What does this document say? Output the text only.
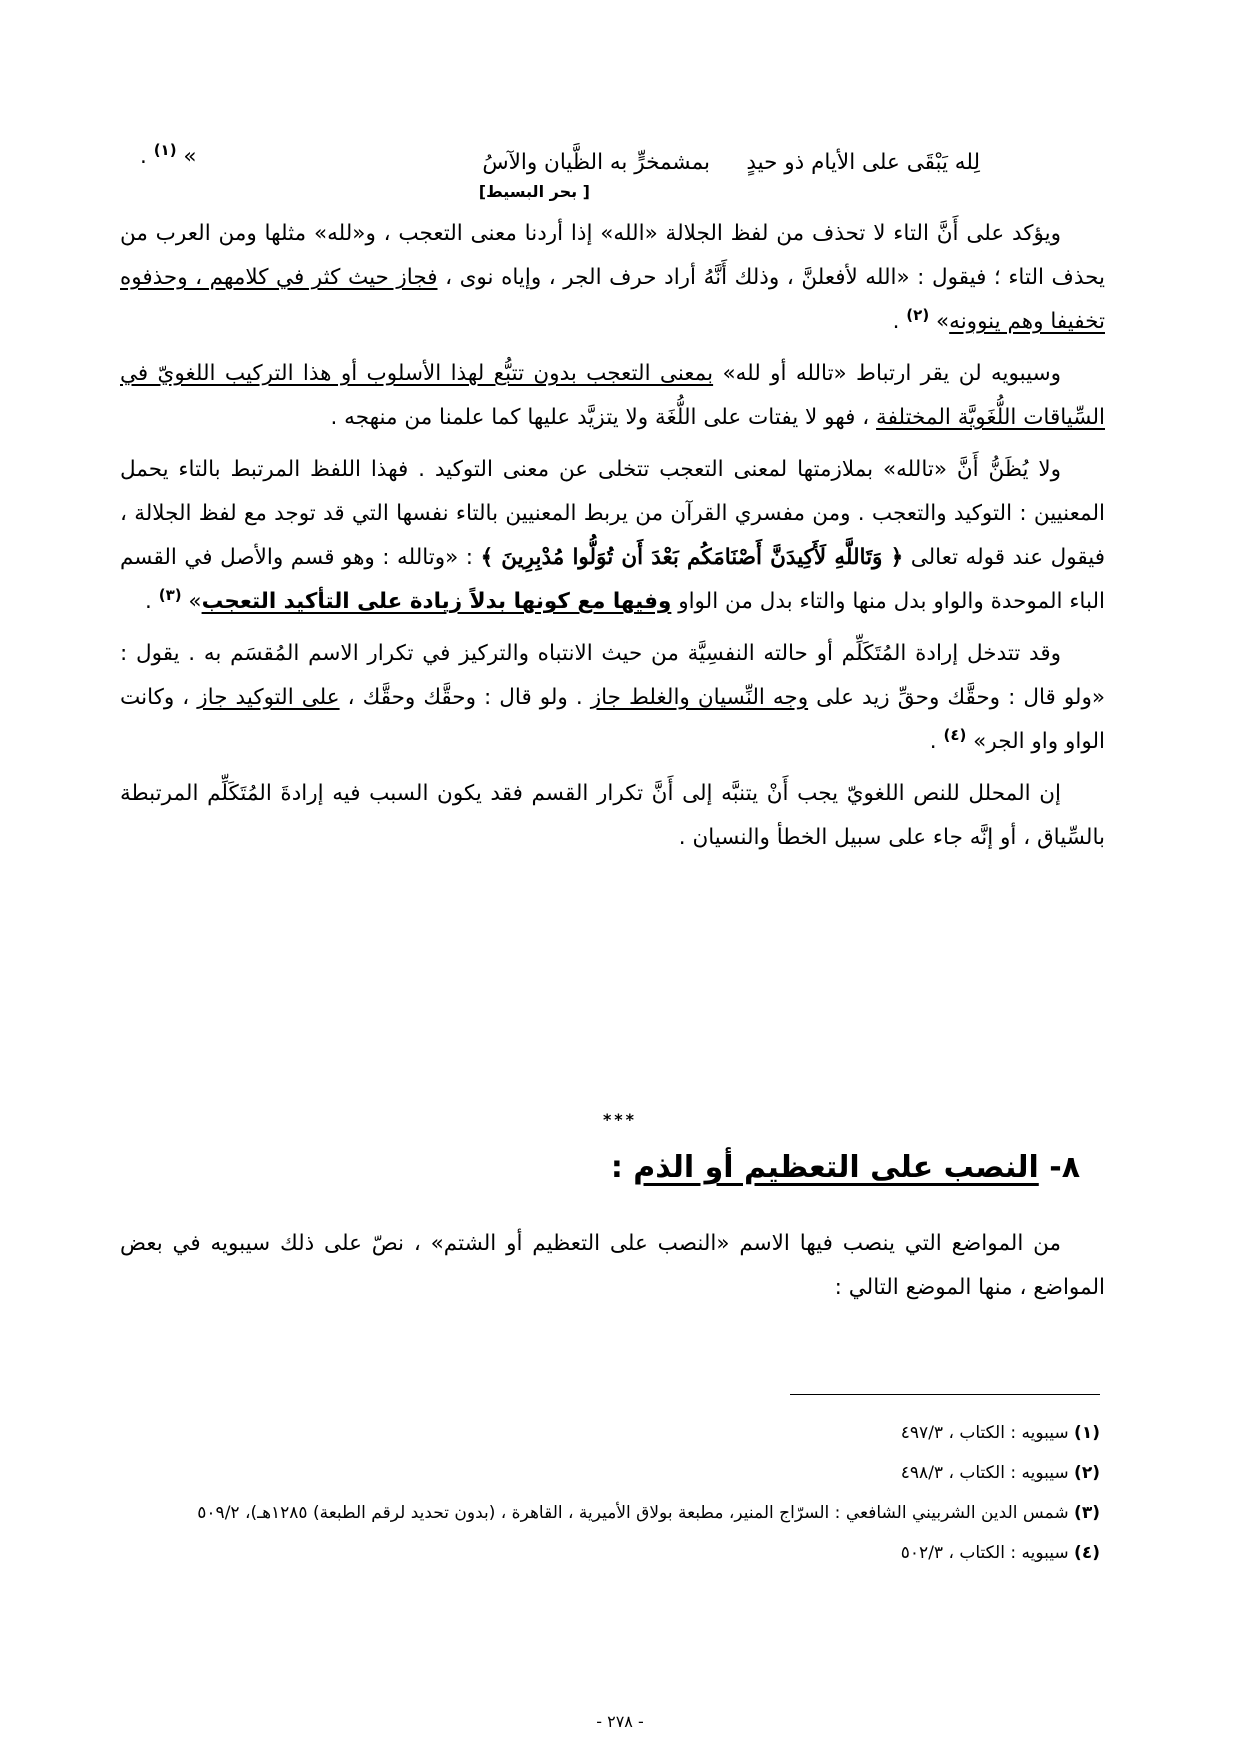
لِله يَبْقَى على الأيام ذو حيدٍ
بمشمخرٍّ به الظَّيان والآسُ
» $^{(١)}$ .
[ بحر البسيط]

ويؤكد على أَنَّ التاء لا تحذف من لفظ الجلالة «الله» إذا أردنا معنى التعجب ، و«لله» مثلها ومن العرب من يحذف التاء ؛ فيقول : «الله لأفعلنَّ ، وذلك أَنَّهُ أراد حرف الجر ، وإياه نوى ، فجاز حيث كثر في كلامهم ، وحذفوه تخفيفا وهم ينوونه» $^{(٢)}$ .

وسيبويه لن يقر ارتباط «تالله أو لله» بمعنى التعجب بدون تتبُّع لهذا الأسلوب أو هذا التركيب اللغويّ في السِّياقات اللُّغَويَّة المختلفة ، فهو لا يفتات على اللُّغَة ولا يتزيَّد عليها كما علمنا من منهجه .

ولا يُظَنُّ أَنَّ «تالله» بملازمتها لمعنى التعجب تتخلى عن معنى التوكيد . فهذا اللفظ المرتبط بالتاء يحمل المعنيين : التوكيد والتعجب . ومن مفسري القرآن من يربط المعنيين بالتاء نفسها التي قد توجد مع لفظ الجلالة ، فيقول عند قوله تعالى ﴿ وَتَاللَّهِ لَأَكِيدَنَّ أَصْنَامَكُم بَعْدَ أَن تُوَلُّوا مُدْبِرِينَ ﴾ : «وتالله : وهو قسم والأصل في القسم الباء الموحدة والواو بدل منها والتاء بدل من الواو وفيها مع كونها بدلاً زيادة على التأكيد التعجب» $^{(٣)}$ .

وقد تتدخل إرادة المُتَكَلِّم أو حالته النفسِيَّة من حيث الانتباه والتركيز في تكرار الاسم المُقسَم به . يقول : «ولو قال : وحقَّك وحقِّ زيد على وجه النِّسيان والغلط جاز . ولو قال : وحقَّك وحقَّك ، على التوكيد جاز ، وكانت الواو واو الجر» $^{(٤)}$ .

إن المحلل للنص اللغويّ يجب أَنْ يتنبَّه إلى أَنَّ تكرار القسم فقد يكون السبب فيه إرادةَ المُتَكَلِّم المرتبطة بالسِّياق ، أو إنَّه جاء على سبيل الخطأ والنسيان .

***
٨- النصب على التعظيم أو الذم :

من المواضع التي ينصب فيها الاسم «النصب على التعظيم أو الشتم» ، نصّ على ذلك سيبويه في بعض المواضع ، منها الموضع التالي :

(١) سيبويه : الكتاب ، ٤٩٧/٣

(٢) سيبويه : الكتاب ، ٤٩٨/٣

(٣) شمس الدين الشربيني الشافعي : السرّاج المنير، مطبعة بولاق الأميرية ، القاهرة ، (بدون تحديد لرقم الطبعة) ١٢٨٥هـ)، ٥٠٩/٢

(٤) سيبويه : الكتاب ، ٥٠٢/٣

- ٢٧٨ -
